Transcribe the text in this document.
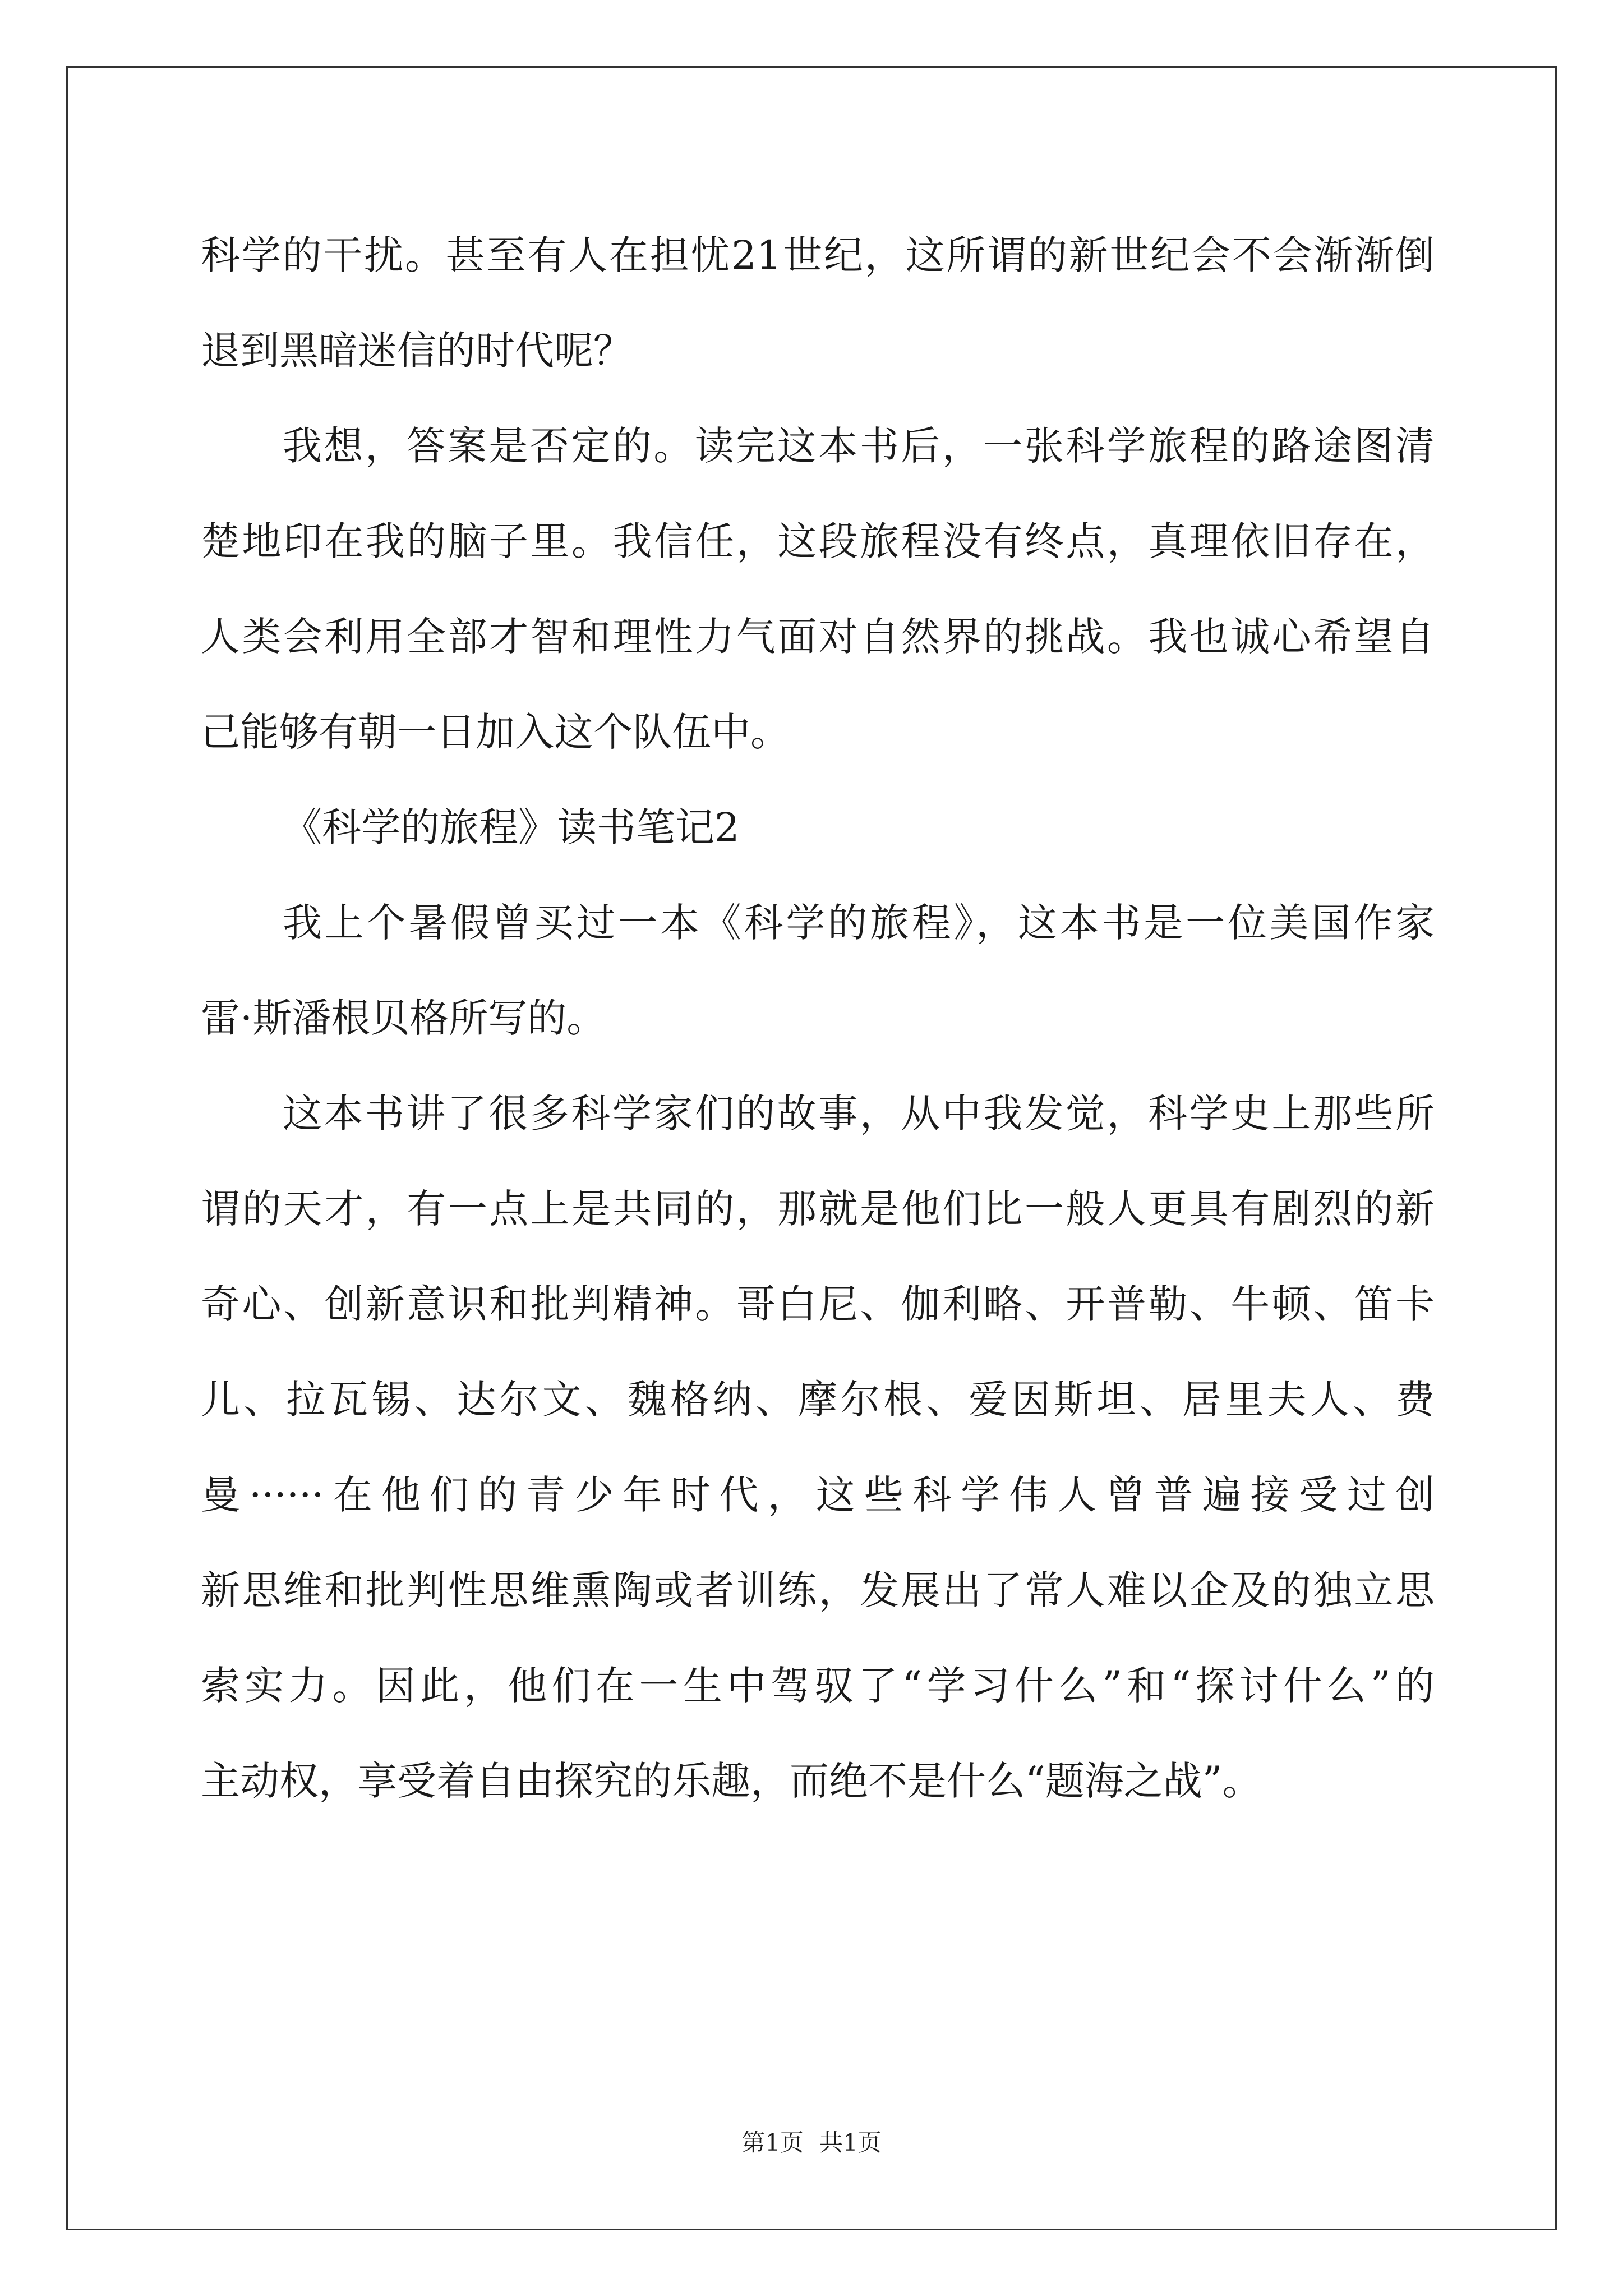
科学的干扰。甚至有人在担忧21世纪，这所谓的新世纪会不会渐渐倒
退到黑暗迷信的时代呢？
我想，答案是否定的。读完这本书后，一张科学旅程的路途图清
楚地印在我的脑子里。我信任，这段旅程没有终点，真理依旧存在，
人类会利用全部才智和理性力气面对自然界的挑战。我也诚心希望自
己能够有朝一日加入这个队伍中。
《科学的旅程》读书笔记2
我上个暑假曾买过一本《科学的旅程》，这本书是一位美国作家
雷·斯潘根贝格所写的。
这本书讲了很多科学家们的故事，从中我发觉，科学史上那些所
谓的天才，有一点上是共同的，那就是他们比一般人更具有剧烈的新
奇心、创新意识和批判精神。哥白尼、伽利略、开普勒、牛顿、笛卡
儿、拉瓦锡、达尔文、魏格纳、摩尔根、爱因斯坦、居里夫人、费
曼······在他们的青少年时代，这些科学伟人曾普遍接受过创
新思维和批判性思维熏陶或者训练，发展出了常人难以企及的独立思
索实力。因此，他们在一生中驾驭了“学习什么”和“探讨什么”的
主动权，享受着自由探究的乐趣，而绝不是什么“题海之战”。
第1页 共1页
